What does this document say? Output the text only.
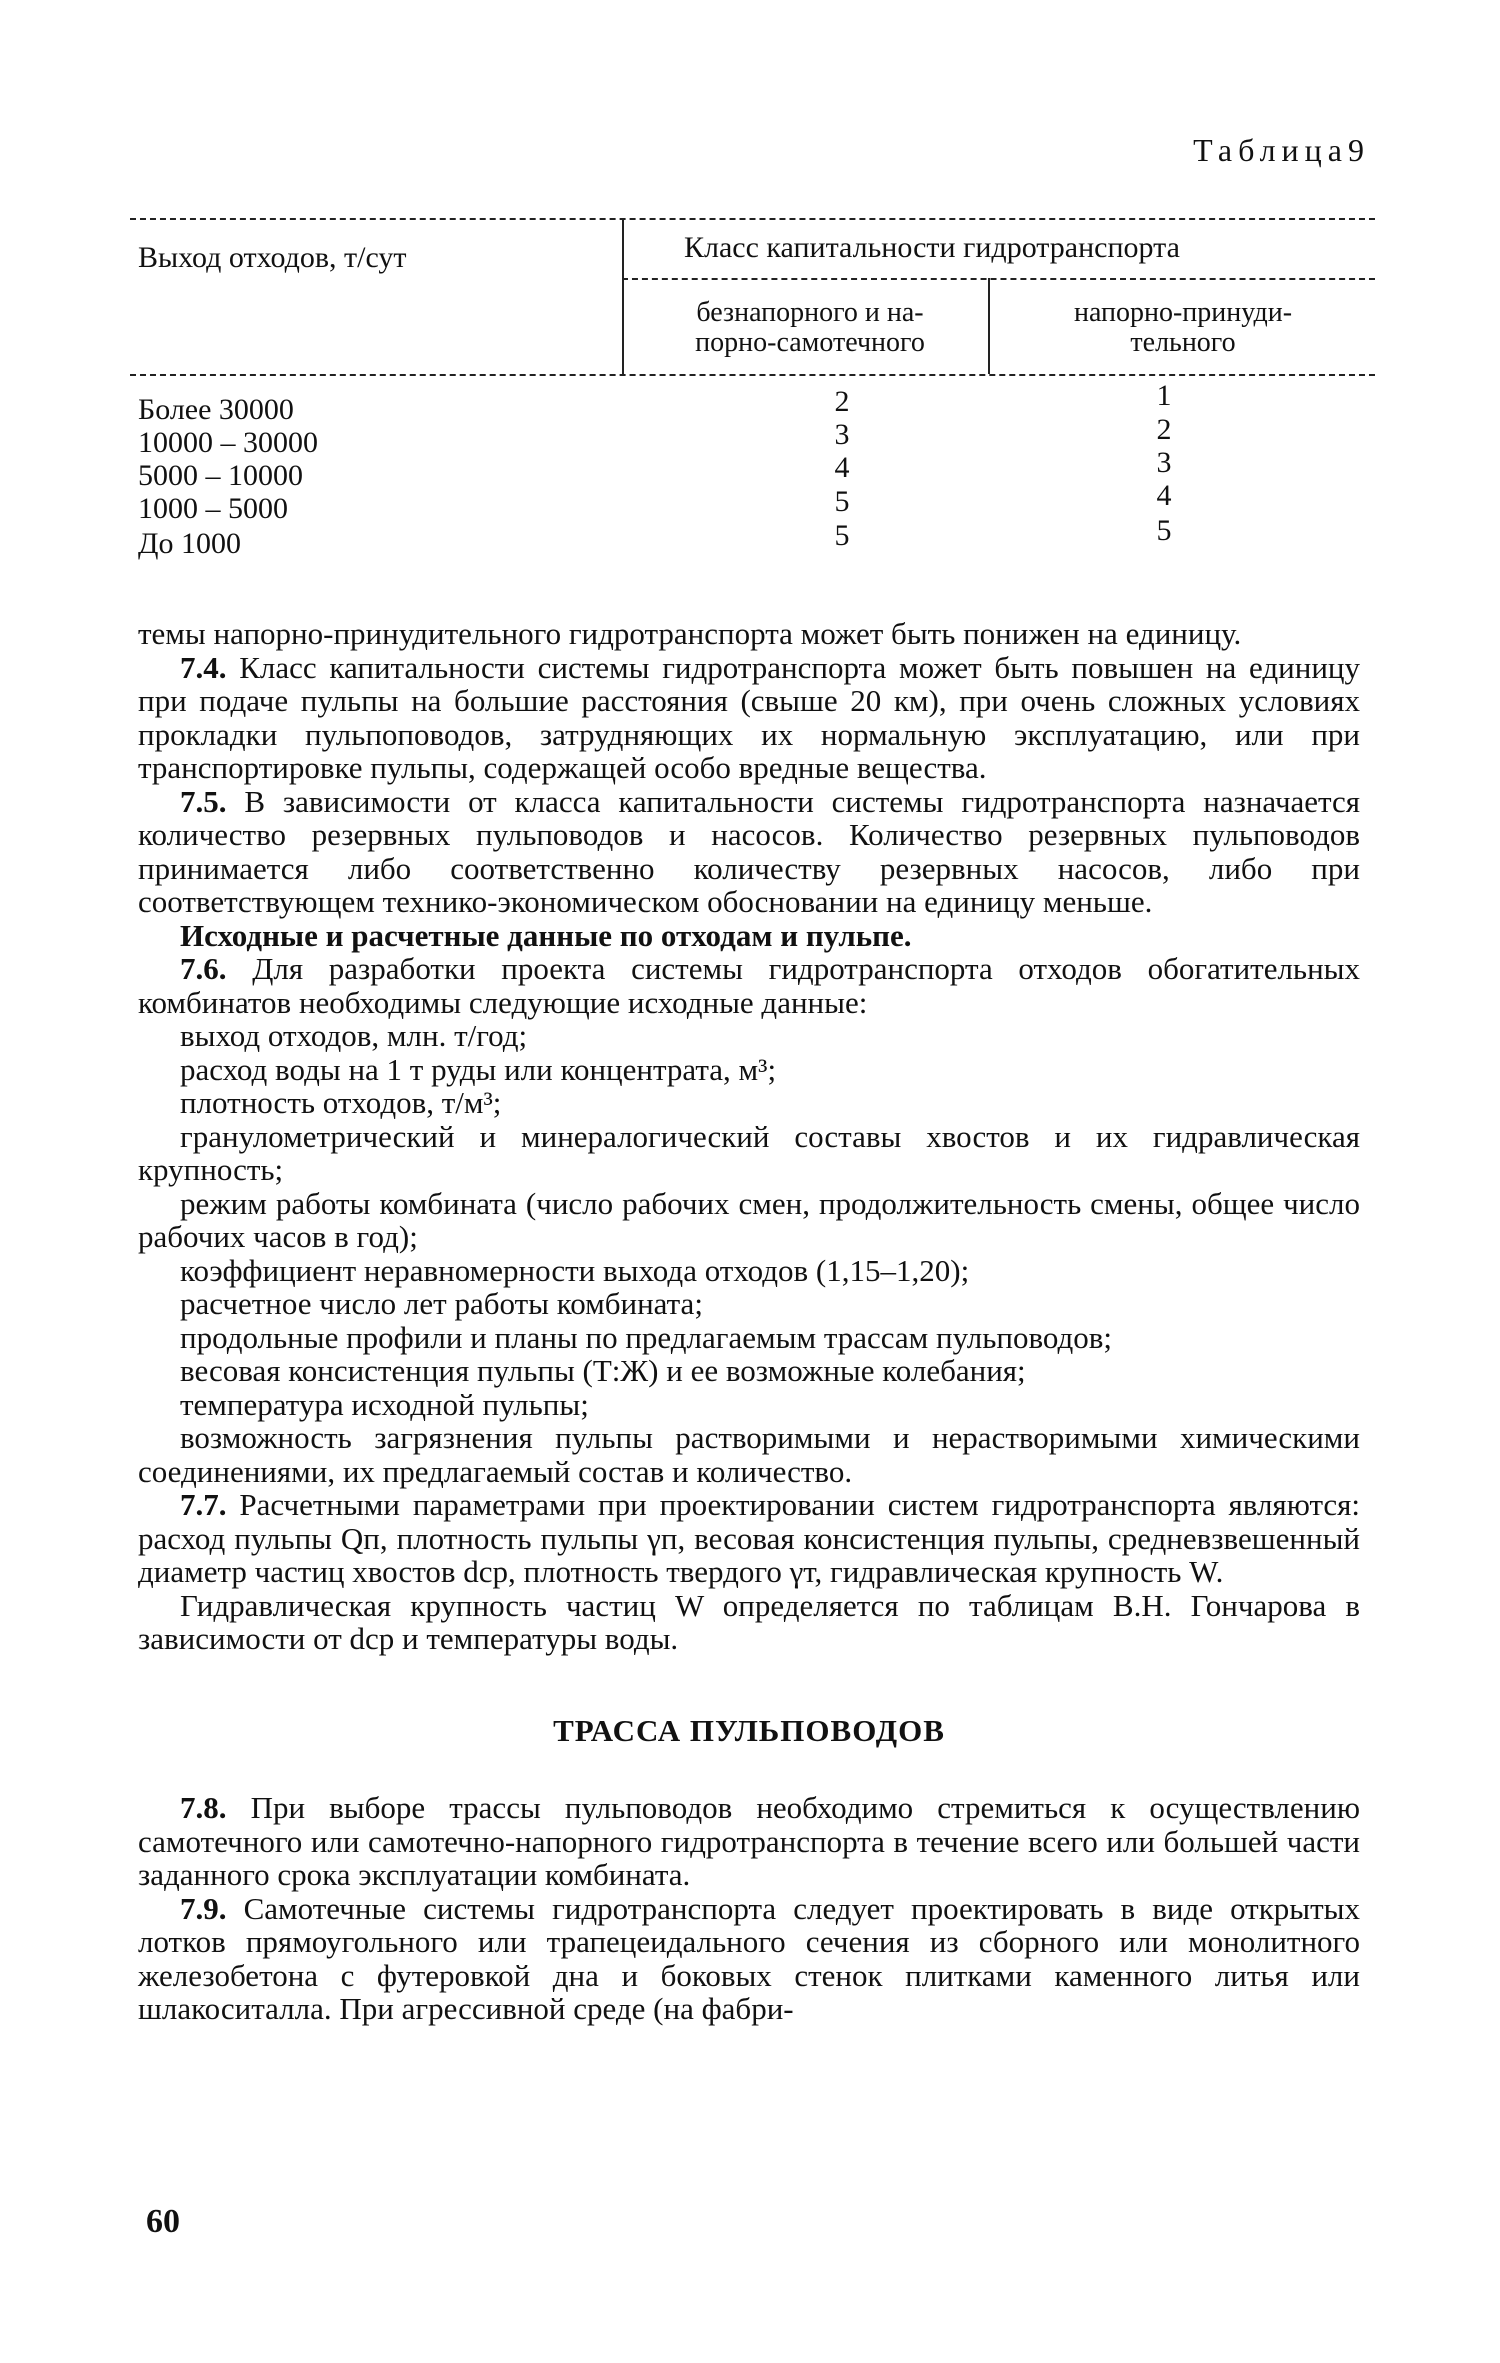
Таблица9
Выход отходов, т/сут	Класс капитальности гидротранспорта
безнапорного и на-
порно-самотечного
напорно-принуди-
тельного
Более 30000
10000 – 30000
5000 – 10000
1000 – 5000
До 1000
2
3
4
5
5
1
2
3
4
5

темы напорно-принудительного гидротранспорта может быть понижен на единицу.

7.4. Класс капитальности системы гидротранспорта может быть повышен на единицу при подаче пульпы на большие расстояния (свыше 20 км), при очень сложных условиях прокладки пульпоповодов, затрудняющих их нормальную эксплуатацию, или при транспортировке пульпы, содержащей особо вредные вещества.

7.5. В зависимости от класса капитальности системы гидротранспорта назначается количество резервных пульповодов и насосов. Количество резервных пульповодов принимается либо соответственно количеству резервных насосов, либо при соответствующем технико-экономическом обосновании на единицу меньше.

Исходные и расчетные данные по отходам и пульпе.

7.6. Для разработки проекта системы гидротранспорта отходов обогатительных комбинатов необходимы следующие исходные данные:

выход отходов, млн. т/год;

расход воды на 1 т руды или концентрата, м³;

плотность отходов, т/м³;

гранулометрический и минералогический составы хвостов и их гидравлическая крупность;

режим работы комбината (число рабочих смен, продолжительность смены, общее число рабочих часов в год);

коэффициент неравномерности выхода отходов (1,15–1,20);

расчетное число лет работы комбината;

продольные профили и планы по предлагаемым трассам пульповодов;

весовая консистенция пульпы (Т:Ж) и ее возможные колебания;

температура исходной пульпы;

возможность загрязнения пульпы растворимыми и нерастворимыми химическими соединениями, их предлагаемый состав и количество.

7.7. Расчетными параметрами при проектировании систем гидротранспорта являются: расход пульпы Qп, плотность пульпы γп, весовая консистенция пульпы, средневзвешенный диаметр частиц хвостов dср, плотность твердого γт, гидравлическая крупность W.

Гидравлическая крупность частиц W определяется по таблицам В.Н. Гончарова в зависимости от dср и температуры воды.

ТРАССА ПУЛЬПОВОДОВ

7.8. При выборе трассы пульповодов необходимо стремиться к осуществлению самотечного или самотечно-напорного гидротранспорта в течение всего или большей части заданного срока эксплуатации комбината.

7.9. Самотечные системы гидротранспорта следует проектировать в виде открытых лотков прямоугольного или трапецеидального сечения из сборного или монолитного железобетона с футеровкой дна и боковых стенок плитками каменного литья или шлакоситалла. При агрессивной среде (на фабри-

60
